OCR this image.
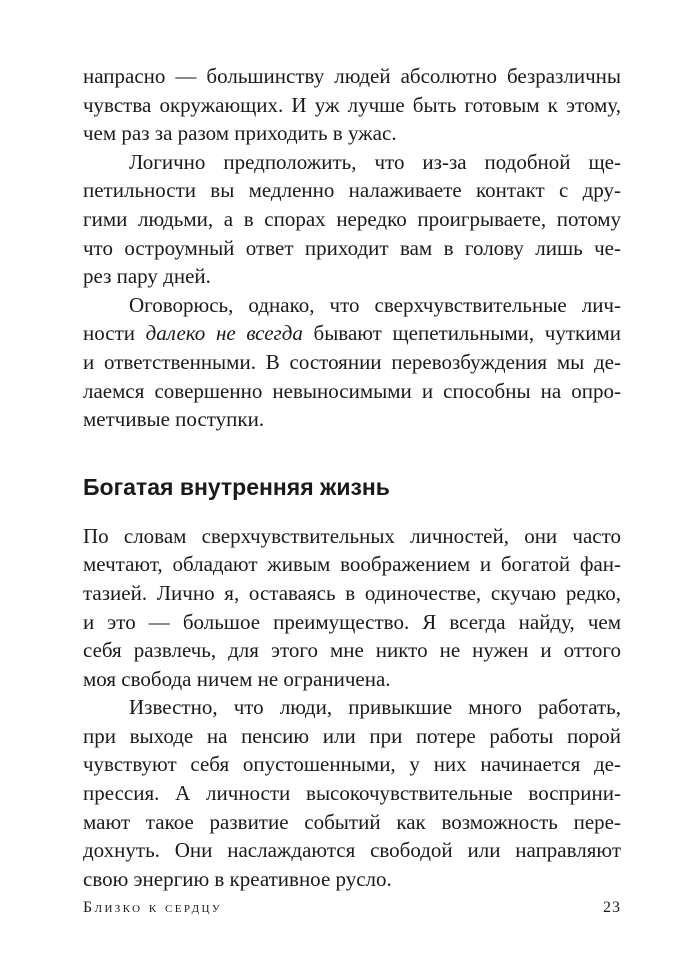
напрасно — большинству людей абсолютно безразличны
чувства окружающих. И уж лучше быть готовым к этому,
чем раз за разом приходить в ужас.
Логично предположить, что из-за подобной ще-
петильности вы медленно налаживаете контакт с дру-
гими людьми, а в спорах нередко проигрываете, потому
что остроумный ответ приходит вам в голову лишь че-
рез пару дней.
Оговорюсь, однако, что сверхчувствительные лич-
ности далеко не всегда бывают щепетильными, чуткими
и ответственными. В состоянии перевозбуждения мы де-
лаемся совершенно невыносимыми и способны на опро-
метчивые поступки.
Богатая внутренняя жизнь
По словам сверхчувствительных личностей, они часто
мечтают, обладают живым воображением и богатой фан-
тазией. Лично я, оставаясь в одиночестве, скучаю редко,
и это — большое преимущество. Я всегда найду, чем
себя развлечь, для этого мне никто не нужен и оттого
моя свобода ничем не ограничена.
Известно, что люди, привыкшие много работать,
при выходе на пенсию или при потере работы порой
чувствуют себя опустошенными, у них начинается де-
прессия. А личности высокочувствительные восприни-
мают такое развитие событий как возможность пере-
дохнуть. Они наслаждаются свободой или направляют
свою энергию в креативное русло.
Близко к сердцу	23
